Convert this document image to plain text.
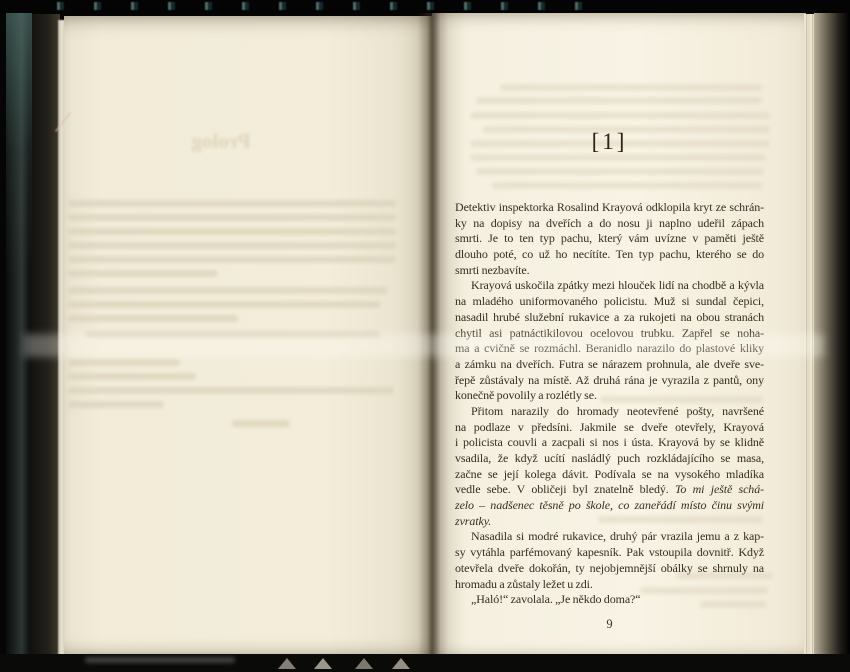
Prolog	[1]
Detektiv inspektorka Rosalind Krayová odklopila kryt ze schrán-
ky na dopisy na dveřích a do nosu ji naplno udeřil zápach
smrti. Je to ten typ pachu, který vám uvízne v paměti ještě
dlouho poté, co už ho necítíte. Ten typ pachu, kterého se do
smrti nezbavíte.
Krayová uskočila zpátky mezi hlouček lidí na chodbě a kývla
na mladého uniformovaného policistu. Muž si sundal čepici,
nasadil hrubé služební rukavice a za rukojeti na obou stranách
chytil asi patnáctikilovou ocelovou trubku. Zapřel se noha-
ma a cvičně se rozmáchl. Beranidlo narazilo do plastové kliky
a zámku na dveřích. Futra se nárazem prohnula, ale dveře sve-
řepě zůstávaly na místě. Až druhá rána je vyrazila z pantů, ony
konečně povolily a rozlétly se.
Přitom narazily do hromady neotevřené pošty, navršené
na podlaze v předsíni. Jakmile se dveře otevřely, Krayová
i policista couvli a zacpali si nos i ústa. Krayová by se klidně
vsadila, že když ucítí nasládlý puch rozkládajícího se masa,
začne se její kolega dávit. Podívala se na vysokého mladíka
vedle sebe. V obličeji byl znatelně bledý. To mi ještě schá-
zelo – nadšenec těsně po škole, co zaneřádí místo činu svými
zvratky.
Nasadila si modré rukavice, druhý pár vrazila jemu a z kap-
sy vytáhla parfémovaný kapesník. Pak vstoupila dovnitř. Když
otevřela dveře dokořán, ty nejobjemnější obálky se shrnuly na
hromadu a zůstaly ležet u zdi.
„Haló!“ zavolala. „Je někdo doma?“
9
